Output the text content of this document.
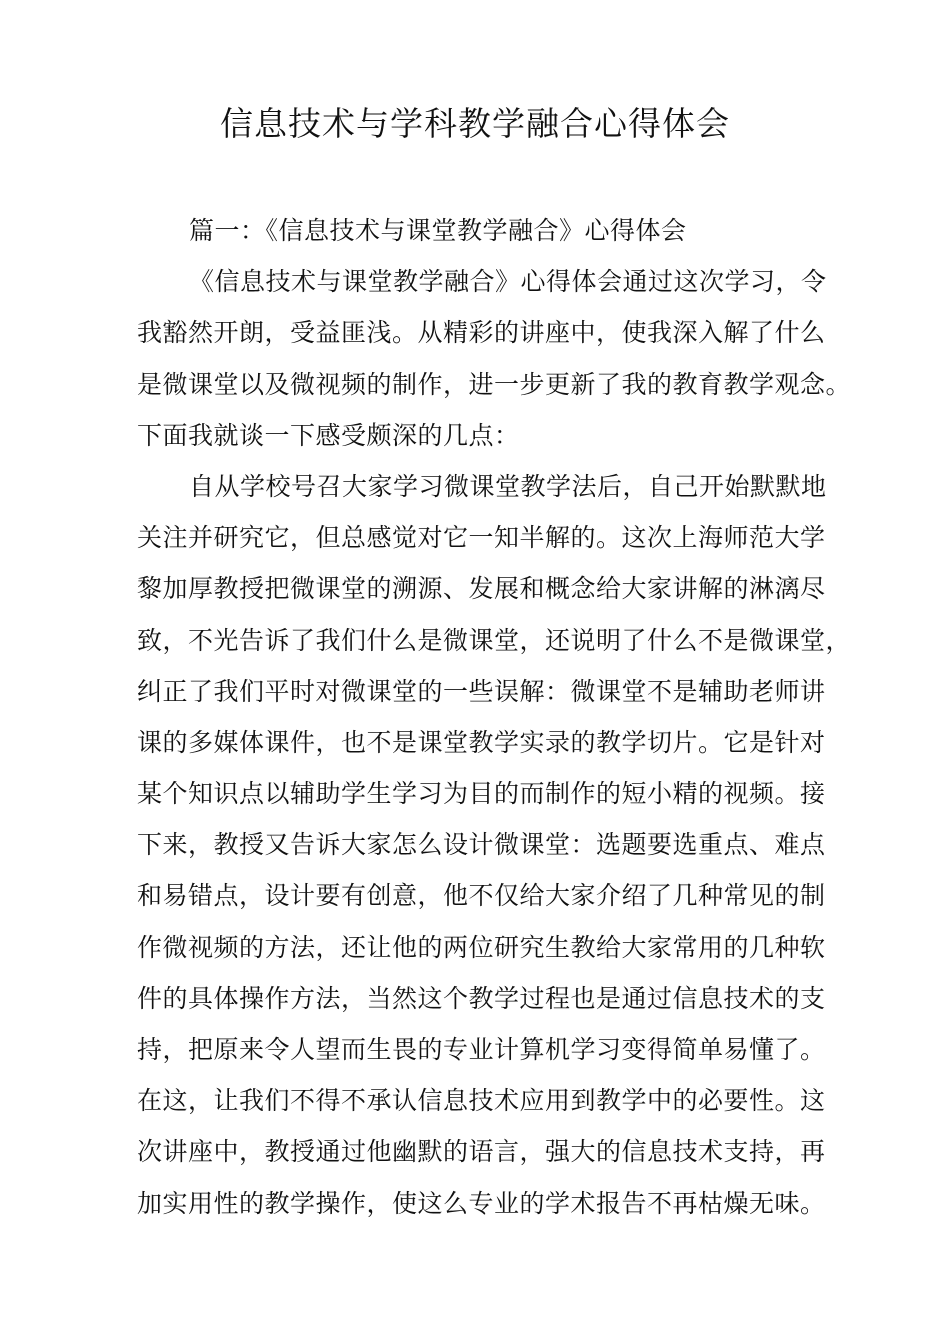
信息技术与学科教学融合心得体会
篇一：《信息技术与课堂教学融合》心得体会
《信息技术与课堂教学融合》心得体会通过这次学习，令
我豁然开朗，受益匪浅。从精彩的讲座中，使我深入解了什么
是微课堂以及微视频的制作，进一步更新了我的教育教学观念。
下面我就谈一下感受颇深的几点：
自从学校号召大家学习微课堂教学法后，自己开始默默地
关注并研究它，但总感觉对它一知半解的。这次上海师范大学
黎加厚教授把微课堂的溯源、发展和概念给大家讲解的淋漓尽
致，不光告诉了我们什么是微课堂，还说明了什么不是微课堂，
纠正了我们平时对微课堂的一些误解：微课堂不是辅助老师讲
课的多媒体课件，也不是课堂教学实录的教学切片。它是针对
某个知识点以辅助学生学习为目的而制作的短小精的视频。接
下来，教授又告诉大家怎么设计微课堂：选题要选重点、难点
和易错点，设计要有创意，他不仅给大家介绍了几种常见的制
作微视频的方法，还让他的两位研究生教给大家常用的几种软
件的具体操作方法，当然这个教学过程也是通过信息技术的支
持，把原来令人望而生畏的专业计算机学习变得简单易懂了。
在这，让我们不得不承认信息技术应用到教学中的必要性。这
次讲座中，教授通过他幽默的语言，强大的信息技术支持，再
加实用性的教学操作，使这么专业的学术报告不再枯燥无味。
